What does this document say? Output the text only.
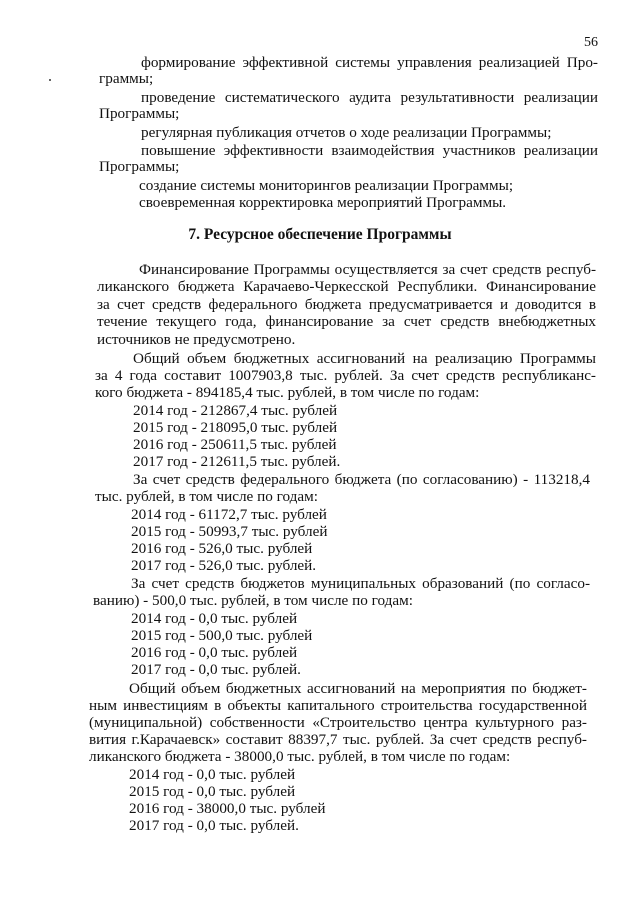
56
формирование эффективной системы управления реализацией Про-
граммы;
проведение систематического аудита результативности реализации
Программы;
регулярная публикация отчетов о ходе реализации Программы;
повышение эффективности взаимодействия участников реализации
Программы;
создание системы мониторингов реализации Программы;
своевременная корректировка мероприятий Программы.
7. Ресурсное обеспечение Программы
Финансирование Программы осуществляется за счет средств респуб-
ликанского бюджета Карачаево-Черкесской Республики. Финансирование
за счет средств федерального бюджета предусматривается и доводится в
течение текущего года, финансирование за счет средств внебюджетных
источников не предусмотрено.
Общий объем бюджетных ассигнований на реализацию Программы
за 4 года составит 1007903,8 тыс. рублей. За счет средств республиканс-
кого бюджета - 894185,4 тыс. рублей, в том числе по годам:
2014 год - 212867,4 тыс. рублей
2015 год - 218095,0 тыс. рублей
2016 год - 250611,5 тыс. рублей
2017 год - 212611,5 тыс. рублей.
За счет средств федерального бюджета (по согласованию) - 113218,4
тыс. рублей, в том числе по годам:
2014 год - 61172,7 тыс. рублей
2015 год - 50993,7 тыс. рублей
2016 год - 526,0 тыс. рублей
2017 год - 526,0 тыс. рублей.
За счет средств бюджетов муниципальных образований (по согласо-
ванию) - 500,0 тыс. рублей, в том числе по годам:
2014 год - 0,0 тыс. рублей
2015 год - 500,0 тыс. рублей
2016 год - 0,0 тыс. рублей
2017 год - 0,0 тыс. рублей.
Общий объем бюджетных ассигнований на мероприятия по бюджет-
ным инвестициям в объекты капитального строительства государственной
(муниципальной) собственности «Строительство центра культурного раз-
вития г.Карачаевск» составит 88397,7 тыс. рублей. За счет средств респуб-
ликанского бюджета - 38000,0 тыс. рублей, в том числе по годам:
2014 год - 0,0 тыс. рублей
2015 год - 0,0 тыс. рублей
2016 год - 38000,0 тыс. рублей
2017 год - 0,0 тыс. рублей.
